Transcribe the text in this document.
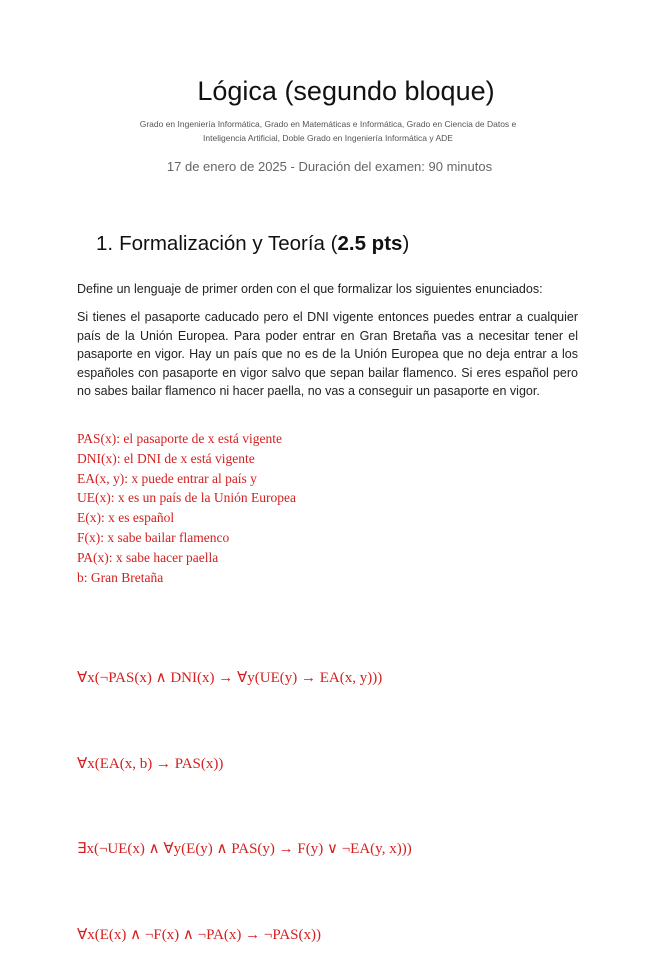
Lógica (segundo bloque)
Grado en Ingeniería Informática, Grado en Matemáticas e Informática, Grado en Ciencia de Datos e Inteligencia Artificial, Doble Grado en Ingeniería Informática y ADE
17 de enero de 2025 - Duración del examen: 90 minutos
1. Formalización y Teoría (2.5 pts)
Define un lenguaje de primer orden con el que formalizar los siguientes enunciados:
Si tienes el pasaporte caducado pero el DNI vigente entonces puedes entrar a cualquier país de la Unión Europea. Para poder entrar en Gran Bretaña vas a necesitar tener el pasaporte en vigor. Hay un país que no es de la Unión Europea que no deja entrar a los españoles con pasaporte en vigor salvo que sepan bailar flamenco. Si eres español pero no sabes bailar flamenco ni hacer paella, no vas a conseguir un pasaporte en vigor.
PAS(x): el pasaporte de x está vigente
DNI(x): el DNI de x está vigente
EA(x, y): x puede entrar al país y
UE(x): x es un país de la Unión Europea
E(x): x es español
F(x): x sabe bailar flamenco
PA(x): x sabe hacer paella
b: Gran Bretaña

∀x(¬PAS(x) ∧ DNI(x) → ∀y(UE(y) → EA(x, y)))

∀x(EA(x, b) → PAS(x))

∃x(¬UE(x) ∧ ∀y(E(y) ∧ PAS(y) → F(y) ∨ ¬EA(y, x)))

∀x(E(x) ∧ ¬F(x) ∧ ¬PA(x) → ¬PAS(x))
